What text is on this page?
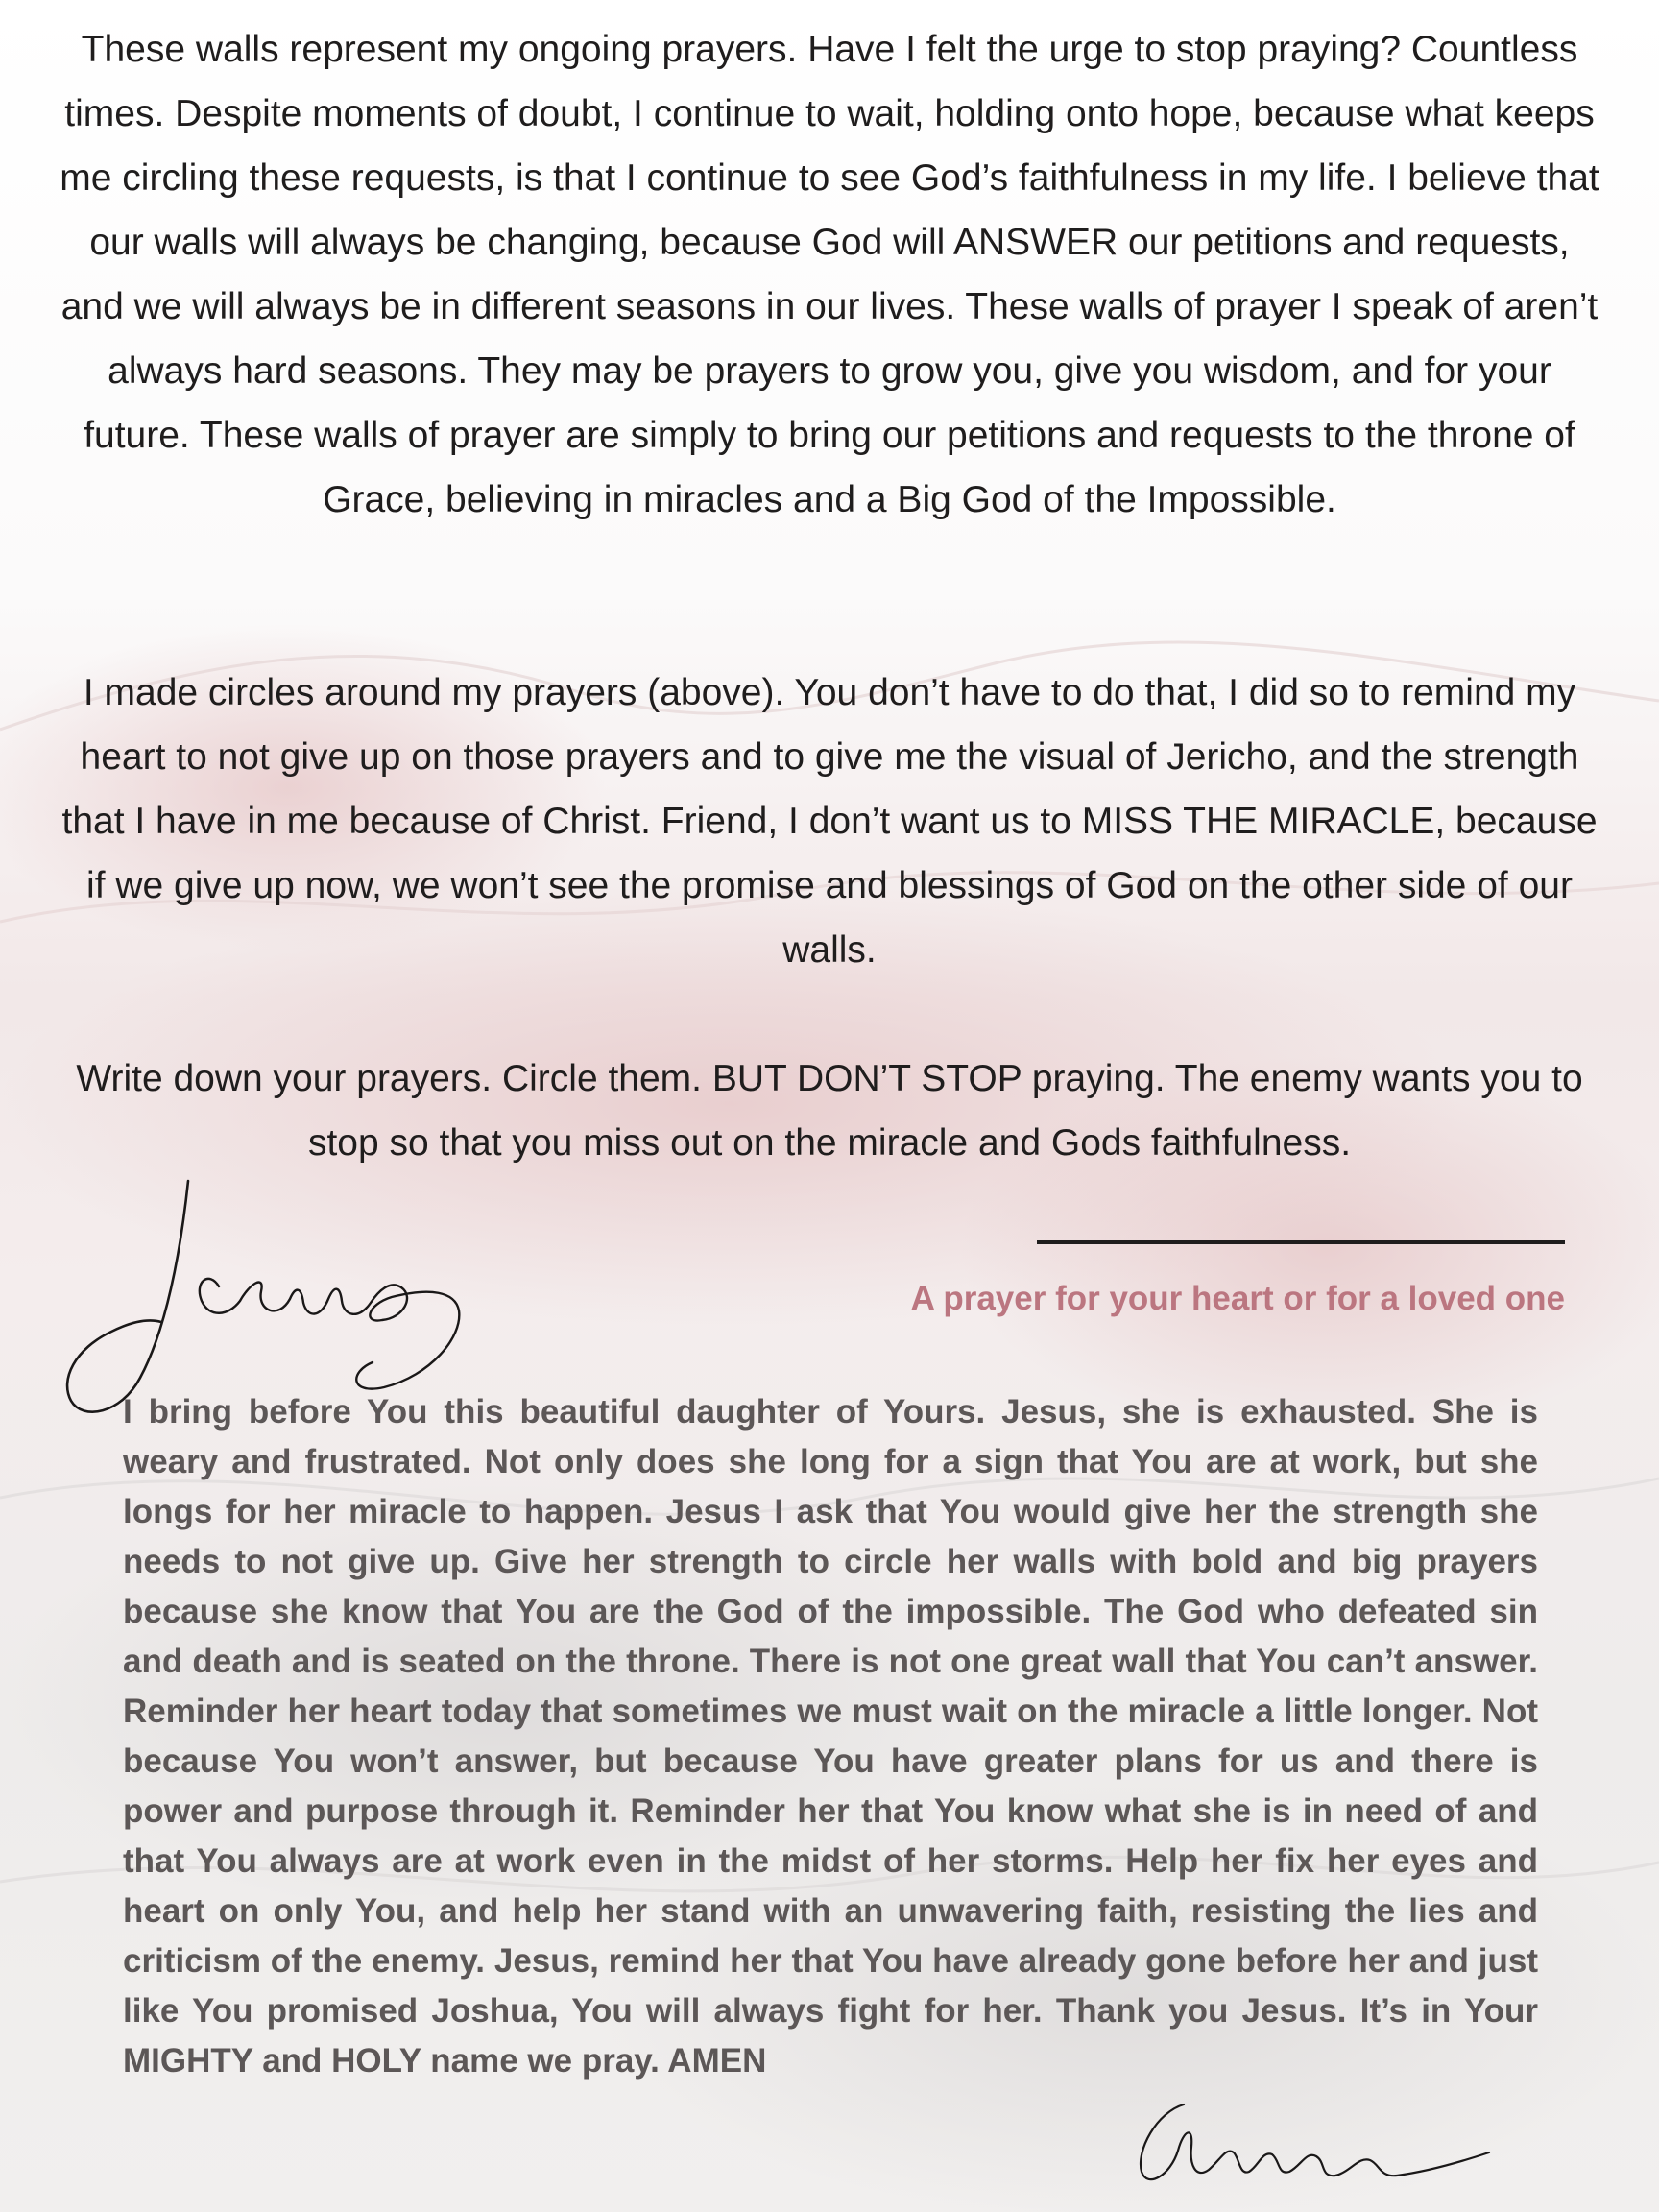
These walls represent my ongoing prayers. Have I felt the urge to stop praying? Countless times. Despite moments of doubt, I continue to wait, holding onto hope, because what keeps me circling these requests, is that I continue to see God’s faithfulness in my life. I believe that our walls will always be changing, because God will ANSWER our petitions and requests, and we will always be in different seasons in our lives. These walls of prayer I speak of aren’t always hard seasons. They may be prayers to grow you, give you wisdom, and for your future. These walls of prayer are simply to bring our petitions and requests to the throne of Grace, believing in miracles and a Big God of the Impossible.

I made circles around my prayers (above). You don’t have to do that, I did so to remind my heart to not give up on those prayers and to give me the visual of Jericho, and the strength that I have in me because of Christ. Friend, I don’t want us to MISS THE MIRACLE, because if we give up now, we won’t see the promise and blessings of God on the other side of our walls.

Write down your prayers. Circle them. BUT DON’T STOP praying. The enemy wants you to stop so that you miss out on the miracle and Gods faithfulness.

A prayer for your heart or for a loved one

I bring before You this beautiful daughter of Yours. Jesus, she is exhausted. She is weary and frustrated. Not only does she long for a sign that You are at work, but she longs for her miracle to happen. Jesus I ask that You would give her the strength she needs to not give up. Give her strength to circle her walls with bold and big prayers because she know that You are the God of the impossible. The God who defeated sin and death and is seated on the throne. There is not one great wall that You can’t answer. Reminder her heart today that sometimes we must wait on the miracle a little longer. Not because You won’t answer, but because You have greater plans for us and there is power and purpose through it. Reminder her that You know what she is in need of and that You always are at work even in the midst of her storms. Help her fix her eyes and heart on only You, and help her stand with an unwavering faith, resisting the lies and criticism of the enemy. Jesus, remind her that You have already gone before her and just like You promised Joshua, You will always fight for her. Thank you Jesus. It’s in Your MIGHTY and HOLY name we pray. AMEN
